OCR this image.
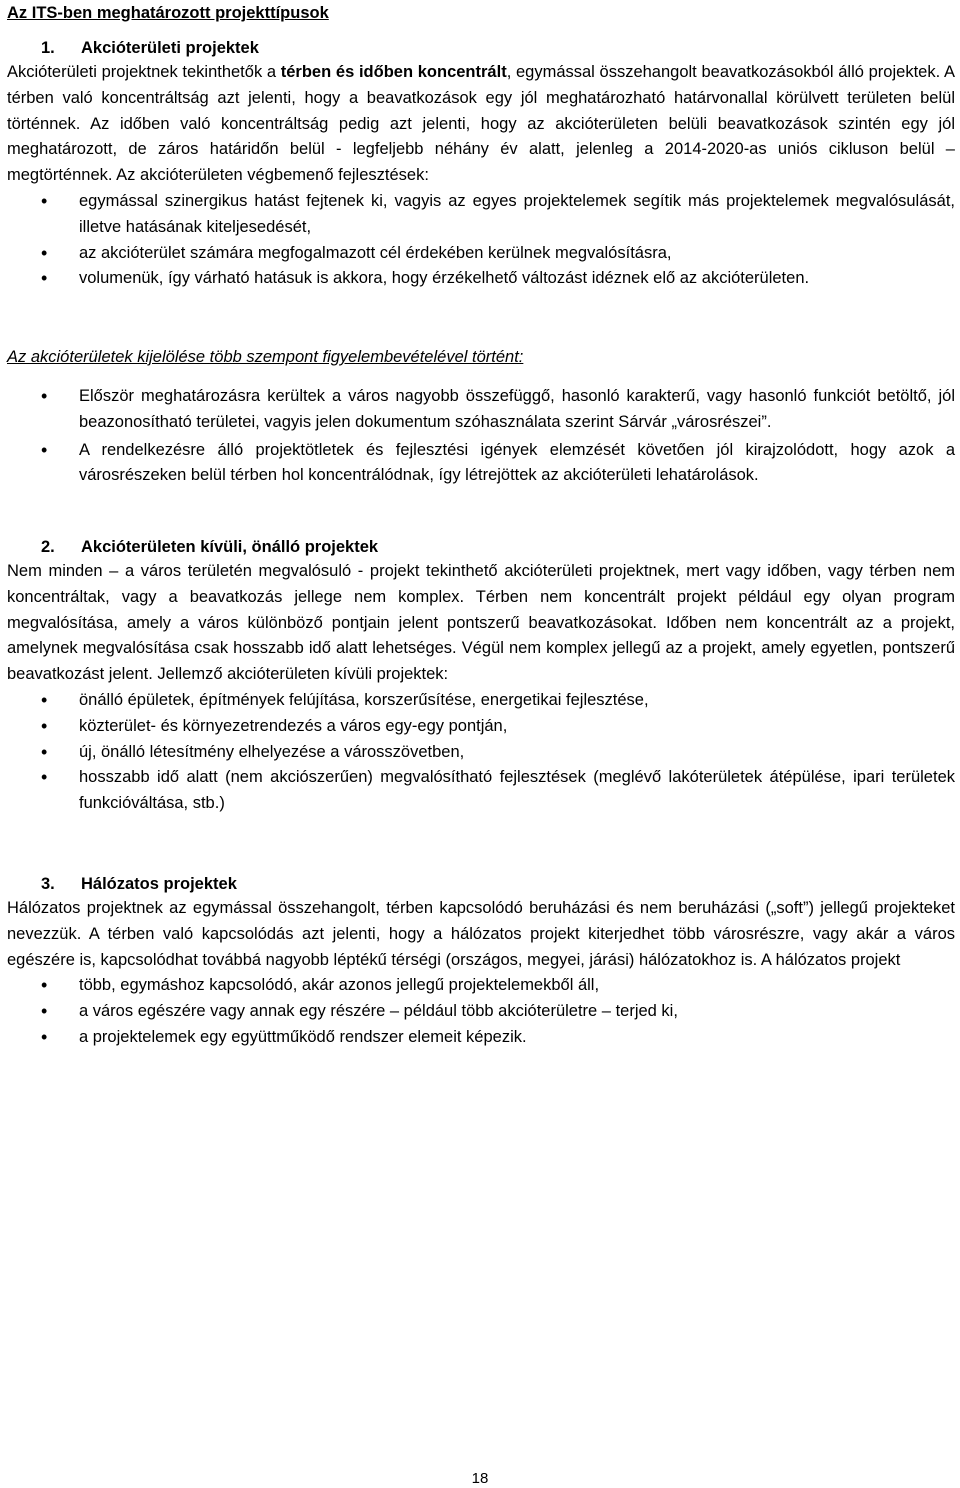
Az ITS-ben meghatározott projekttípusok
1. Akcióterületi projektek

Akcióterületi projektnek tekinthetők a térben és időben koncentrált, egymással összehangolt beavatkozásokból álló projektek. A térben való koncentráltság azt jelenti, hogy a beavatkozások egy jól meghatározható határvonallal körülvett területen belül történnek. Az időben való koncentráltság pedig azt jelenti, hogy az akcióterületen belüli beavatkozások szintén egy jól meghatározott, de záros határidőn belül - legfeljebb néhány év alatt, jelenleg a 2014-2020-as uniós cikluson belül – megtörténnek. Az akcióterületen végbemenő fejlesztések:

• egymással szinergikus hatást fejtenek ki, vagyis az egyes projektelemek segítik más projektelemek megvalósulását, illetve hatásának kiteljesedését,
• az akcióterület számára megfogalmazott cél érdekében kerülnek megvalósításra,
• volumenük, így várható hatásuk is akkora, hogy érzékelhető változást idéznek elő az akcióterületen.
Az akcióterületek kijelölése több szempont figyelembevételével történt:
• Először meghatározásra kerültek a város nagyobb összefüggő, hasonló karakterű, vagy hasonló funkciót betöltő, jól beazonosítható területei, vagyis jelen dokumentum szóhasználata szerint Sárvár „városrészei”.
• A rendelkezésre álló projektötletek és fejlesztési igények elemzését követően jól kirajzolódott, hogy azok a városrészeken belül térben hol koncentrálódnak, így létrejöttek az akcióterületi lehatárolások.
2. Akcióterületen kívüli, önálló projektek

Nem minden – a város területén megvalósuló - projekt tekinthető akcióterületi projektnek, mert vagy időben, vagy térben nem koncentráltak, vagy a beavatkozás jellege nem komplex. Térben nem koncentrált projekt például egy olyan program megvalósítása, amely a város különböző pontjain jelent pontszerű beavatkozásokat. Időben nem koncentrált az a projekt, amelynek megvalósítása csak hosszabb idő alatt lehetséges. Végül nem komplex jellegű az a projekt, amely egyetlen, pontszerű beavatkozást jelent. Jellemző akcióterületen kívüli projektek:

• önálló épületek, építmények felújítása, korszerűsítése, energetikai fejlesztése,
• közterület- és környezetrendezés a város egy-egy pontján,
• új, önálló létesítmény elhelyezése a városszövetben,
• hosszabb idő alatt (nem akciószerűen) megvalósítható fejlesztések (meglévő lakóterületek átépülése, ipari területek funkcióváltása, stb.)
3. Hálózatos projektek

Hálózatos projektnek az egymással összehangolt, térben kapcsolódó beruházási és nem beruházási („soft”) jellegű projekteket nevezzük. A térben való kapcsolódás azt jelenti, hogy a hálózatos projekt kiterjedhet több városrészre, vagy akár a város egészére is, kapcsolódhat továbbá nagyobb léptékű térségi (országos, megyei, járási) hálózatokhoz is. A hálózatos projekt

• több, egymáshoz kapcsolódó, akár azonos jellegű projektelemekből áll,
• a város egészére vagy annak egy részére – például több akcióterületre – terjed ki,
• a projektelemek egy együttműködő rendszer elemeit képezik.
18
